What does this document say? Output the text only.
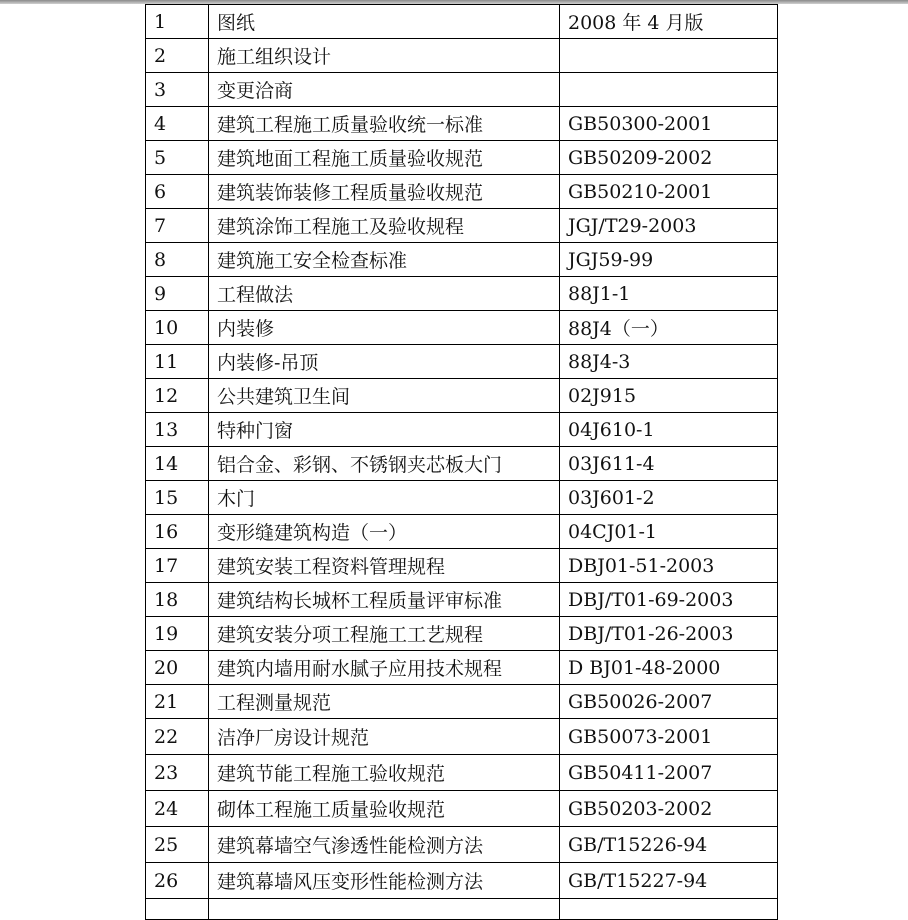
1	图纸	2008 年 4 月版
2	施工组织设计	
3	变更洽商	
4	建筑工程施工质量验收统一标准	GB50300-2001
5	建筑地面工程施工质量验收规范	GB50209-2002
6	建筑装饰装修工程质量验收规范	GB50210-2001
7	建筑涂饰工程施工及验收规程	JGJ/T29-2003
8	建筑施工安全检查标准	JGJ59-99
9	工程做法	88J1-1
10	内装修	88J4（一）
11	内装修-吊顶	88J4-3
12	公共建筑卫生间	02J915
13	特种门窗	04J610-1
14	铝合金、彩钢、不锈钢夹芯板大门	03J611-4
15	木门	03J601-2
16	变形缝建筑构造（一）	04CJ01-1
17	建筑安装工程资料管理规程	DBJ01-51-2003
18	建筑结构长城杯工程质量评审标准	DBJ/T01-69-2003
19	建筑安装分项工程施工工艺规程	DBJ/T01-26-2003
20	建筑内墙用耐水腻子应用技术规程	D BJ01-48-2000
21	工程测量规范	GB50026-2007
22	洁净厂房设计规范	GB50073-2001
23	建筑节能工程施工验收规范	GB50411-2007
24	砌体工程施工质量验收规范	GB50203-2002
25	建筑幕墙空气渗透性能检测方法	GB/T15226-94
26	建筑幕墙风压变形性能检测方法	GB/T15227-94
